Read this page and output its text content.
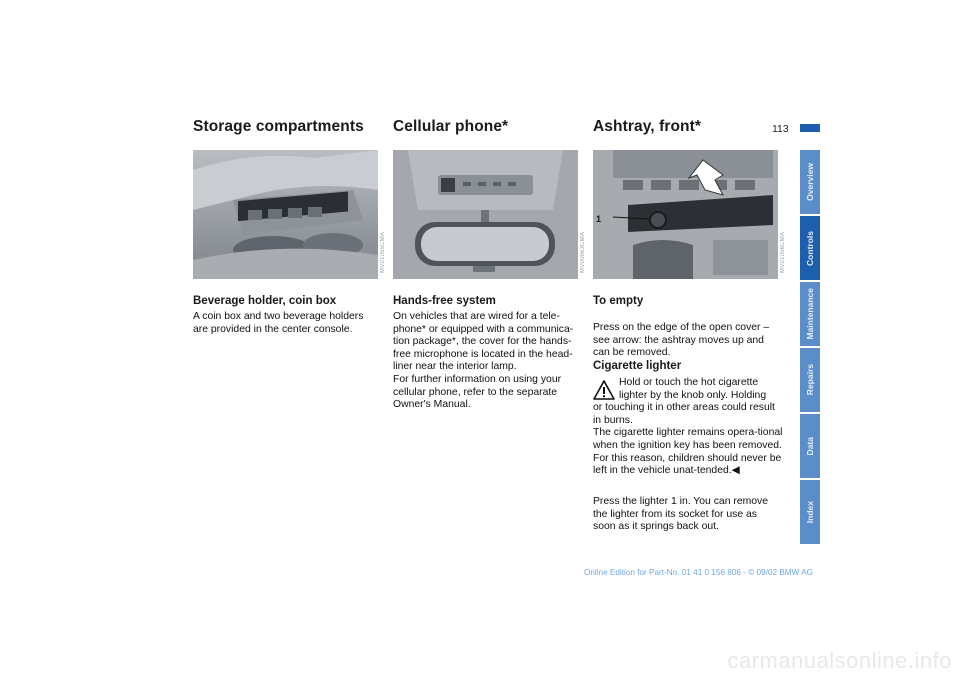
Storage compartments Cellular phone*	Ashtray, front*	113
MV01055CMA	MV00663CMA
1
MV01056CMA
Beverage holder, coin box

A coin box and two beverage holders are provided in the center console.

Hands-free system

On vehicles that are wired for a tele-phone* or equipped with a communica-tion package*, the cover for the hands-free microphone is located in the head-liner near the interior lamp.

For further information on using your cellular phone, refer to the separate Owner's Manual.

To empty

Press on the edge of the open cover – see arrow: the ashtray moves up and can be removed.

Cigarette lighter

Hold or touch the hot cigarette

lighter by the knob only. Holding

or touching it in other areas could result in burns.
The cigarette lighter remains opera-tional when the ignition key has been removed. For this reason, children should never be left in the vehicle unat-tended.◀

Press the lighter 1 in. You can remove the lighter from its socket for use as soon as it springs back out.

Overview
Controls
Maintenance
Repairs
Data
Index
Online Edition for Part-No. 01 41 0 156 806 - © 09/02 BMW AG
carmanualsonline.info
